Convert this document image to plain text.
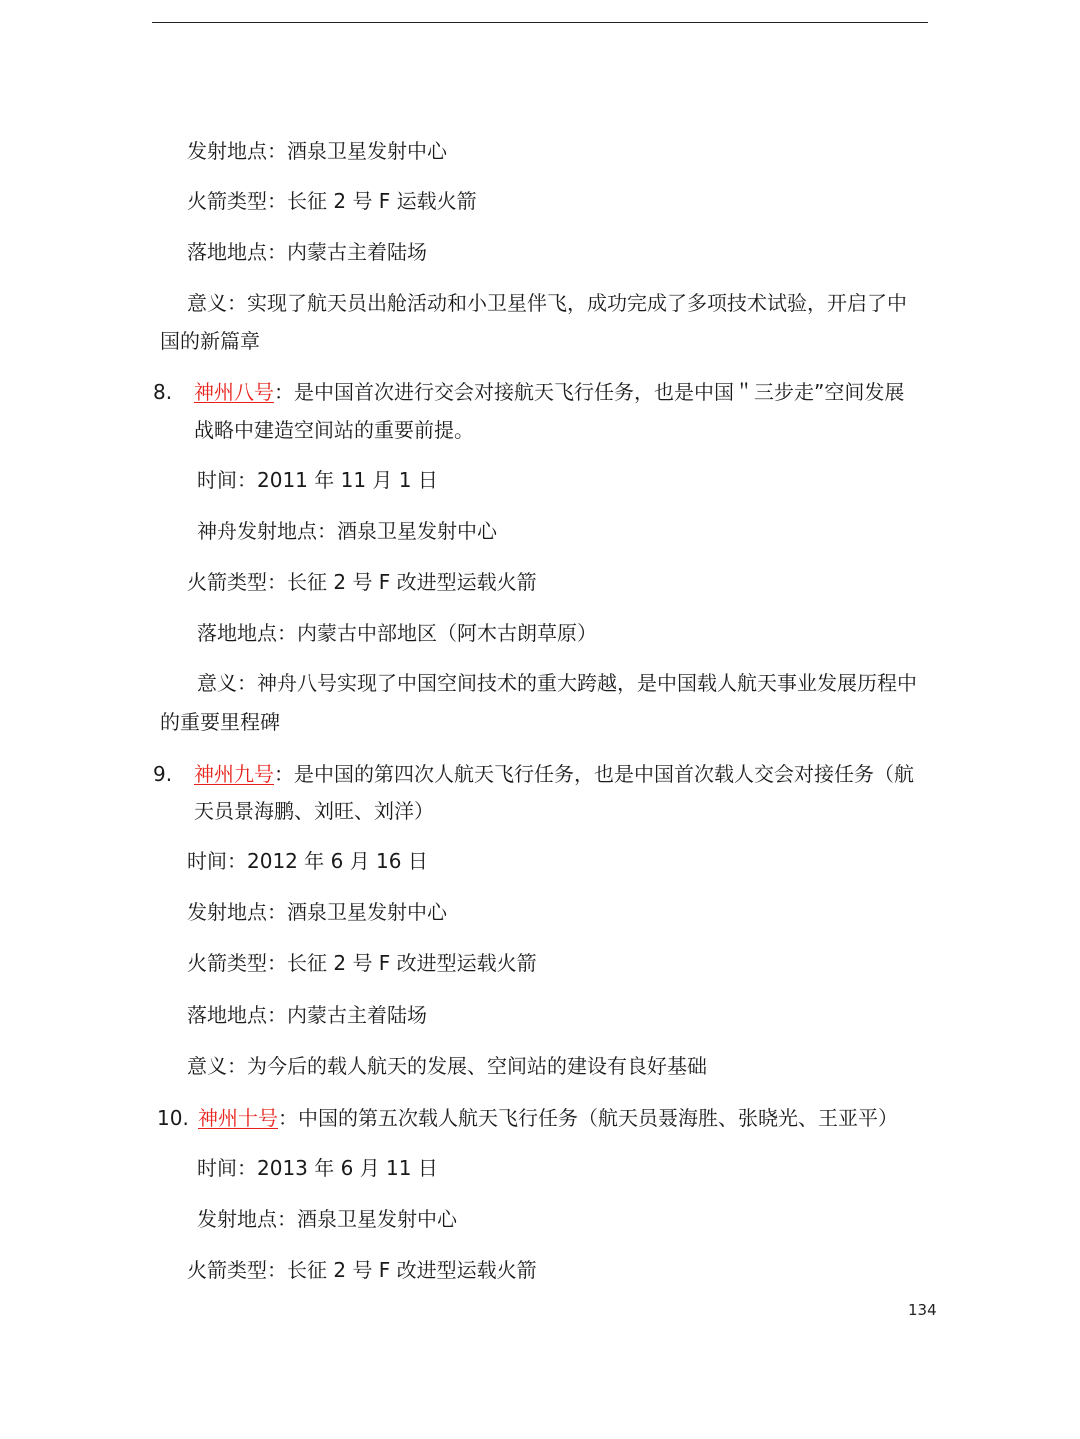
发射地点：酒泉卫星发射中心
火箭类型：长征 2 号 F 运载火箭
落地地点：内蒙古主着陆场
意义：实现了航天员出舱活动和小卫星伴飞，成功完成了多项技术试验，开启了中
国的新篇章
8. 神州八号：是中国首次进行交会对接航天飞行任务，也是中国＂三步走”空间发展
战略中建造空间站的重要前提。
时间：2011 年 11 月 1 日
神舟发射地点：酒泉卫星发射中心
火箭类型：长征 2 号 F 改进型运载火箭
落地地点：内蒙古中部地区（阿木古朗草原）
意义：神舟八号实现了中国空间技术的重大跨越，是中国载人航天事业发展历程中
的重要里程碑
9. 神州九号：是中国的第四次人航天飞行任务，也是中国首次载人交会对接任务（航
天员景海鹏、刘旺、刘洋）
时间：2012 年 6 月 16 日
发射地点：酒泉卫星发射中心
火箭类型：长征 2 号 F 改进型运载火箭
落地地点：内蒙古主着陆场
意义：为今后的载人航天的发展、空间站的建设有良好基础
10. 神州十号：中国的第五次载人航天飞行任务（航天员聂海胜、张晓光、王亚平）
时间：2013 年 6 月 11 日
发射地点：酒泉卫星发射中心
火箭类型：长征 2 号 F 改进型运载火箭
134
